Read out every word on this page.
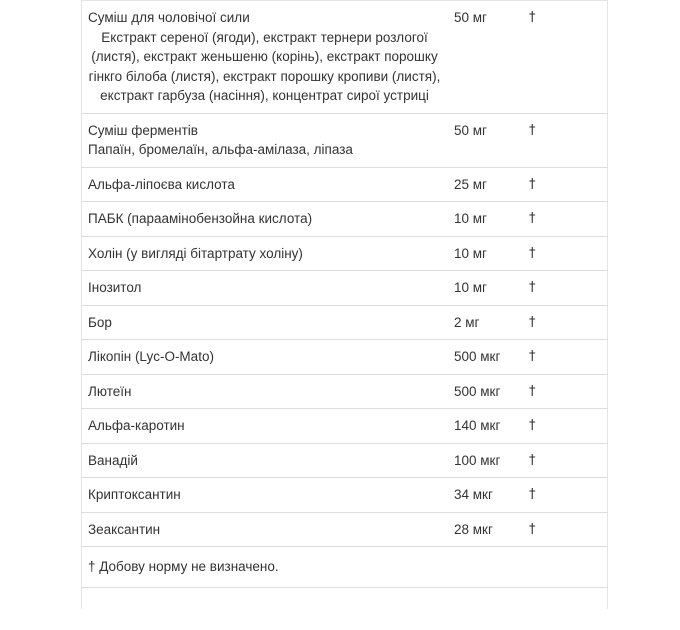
Суміш для чоловічої сили
Екстракт сереної (ягоди), екстракт тернери розлогої (листя), екстракт женьшеню (корінь), екстракт порошку гінкго білоба (листя), екстракт порошку кропиви (листя), екстракт гарбуза (насіння), концентрат сирої устриці	50 мг	†

Суміш ферментів
Папаїн, бромелаїн, альфа-амілаза, ліпаза	50 мг	†
Альфа-ліпоєва кислота	25 мг	†
ПАБК (параамінобензойна кислота)	10 мг	†
Холін (у вигляді бітартрату холіну)	10 мг	†
Інозитол	10 мг	†
Бор	2 мг	†
Лікопін (Lyc-O-Mato)	500 мкг	†
Лютеїн	500 мкг	†
Альфа-каротин	140 мкг	†
Ванадій	100 мкг	†
Криптоксантин	34 мкг	†
Зеаксантин	28 мкг	†
† Добову норму не визначено.		
